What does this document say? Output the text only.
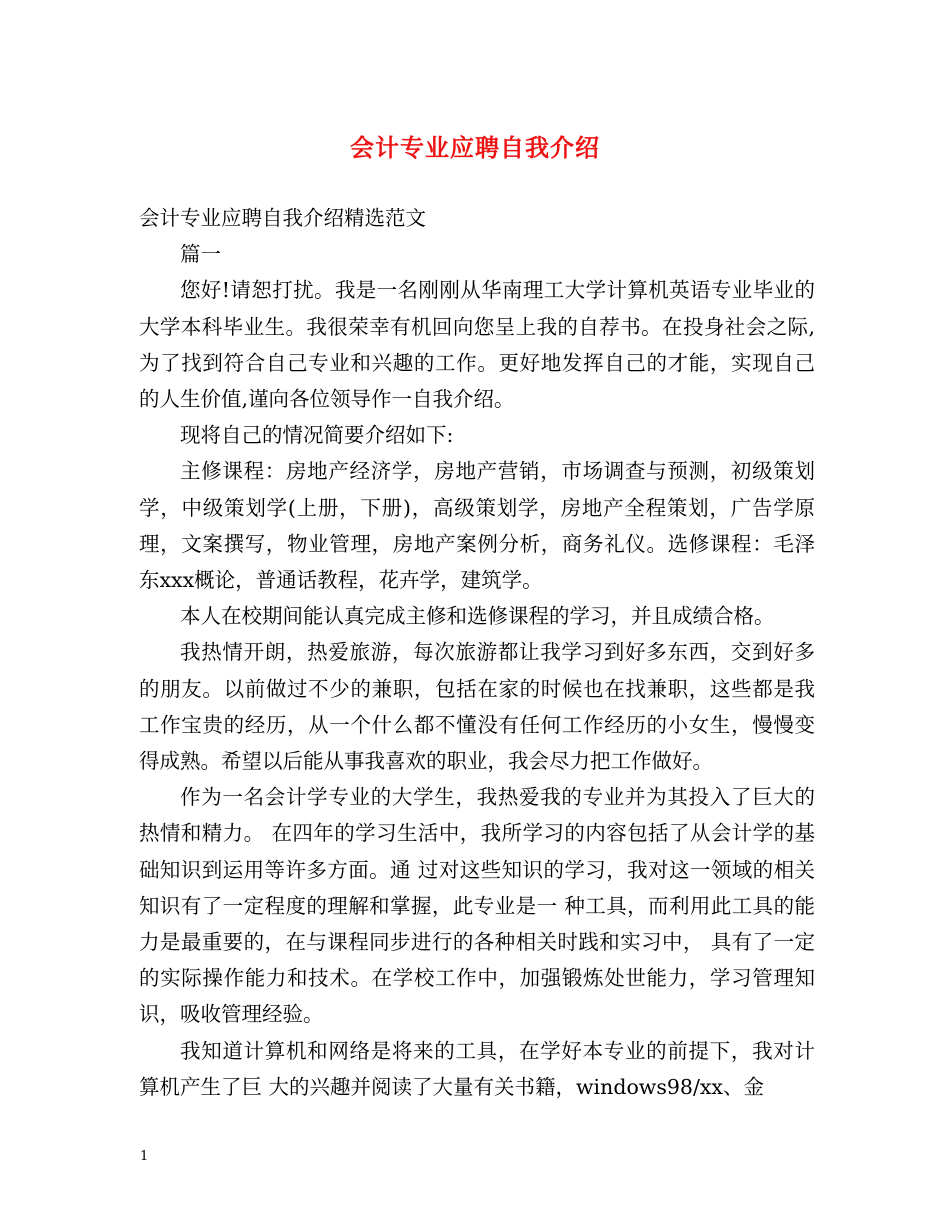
会计专业应聘自我介绍

会计专业应聘自我介绍精选范文

篇一

您好!请恕打扰。我是一名刚刚从华南理工大学计算机英语专业毕业的大学本科毕业生。我很荣幸有机回向您呈上我的自荐书。在投身社会之际,为了找到符合自己专业和兴趣的工作。更好地发挥自己的才能，实现自己的人生价值,谨向各位领导作一自我介绍。

现将自己的情况简要介绍如下:

主修课程：房地产经济学，房地产营销，市场调查与预测，初级策划学，中级策划学(上册，下册)，高级策划学，房地产全程策划，广告学原理，文案撰写，物业管理，房地产案例分析，商务礼仪。选修课程：毛泽东xxx概论，普通话教程，花卉学，建筑学。

本人在校期间能认真完成主修和选修课程的学习，并且成绩合格。

我热情开朗，热爱旅游，每次旅游都让我学习到好多东西，交到好多的朋友。以前做过不少的兼职，包括在家的时候也在找兼职，这些都是我工作宝贵的经历，从一个什么都不懂没有任何工作经历的小女生，慢慢变得成熟。希望以后能从事我喜欢的职业，我会尽力把工作做好。

作为一名会计学专业的大学生，我热爱我的专业并为其投入了巨大的热情和精力。 在四年的学习生活中，我所学习的内容包括了从会计学的基础知识到运用等许多方面。通 过对这些知识的学习，我对这一领域的相关知识有了一定程度的理解和掌握，此专业是一 种工具，而利用此工具的能力是最重要的，在与课程同步进行的各种相关时践和实习中， 具有了一定的实际操作能力和技术。在学校工作中，加强锻炼处世能力，学习管理知识，吸收管理经验。

我知道计算机和网络是将来的工具，在学好本专业的前提下，我对计算机产生了巨 大的兴趣并阅读了大量有关书籍，windows98/xx、金

1
